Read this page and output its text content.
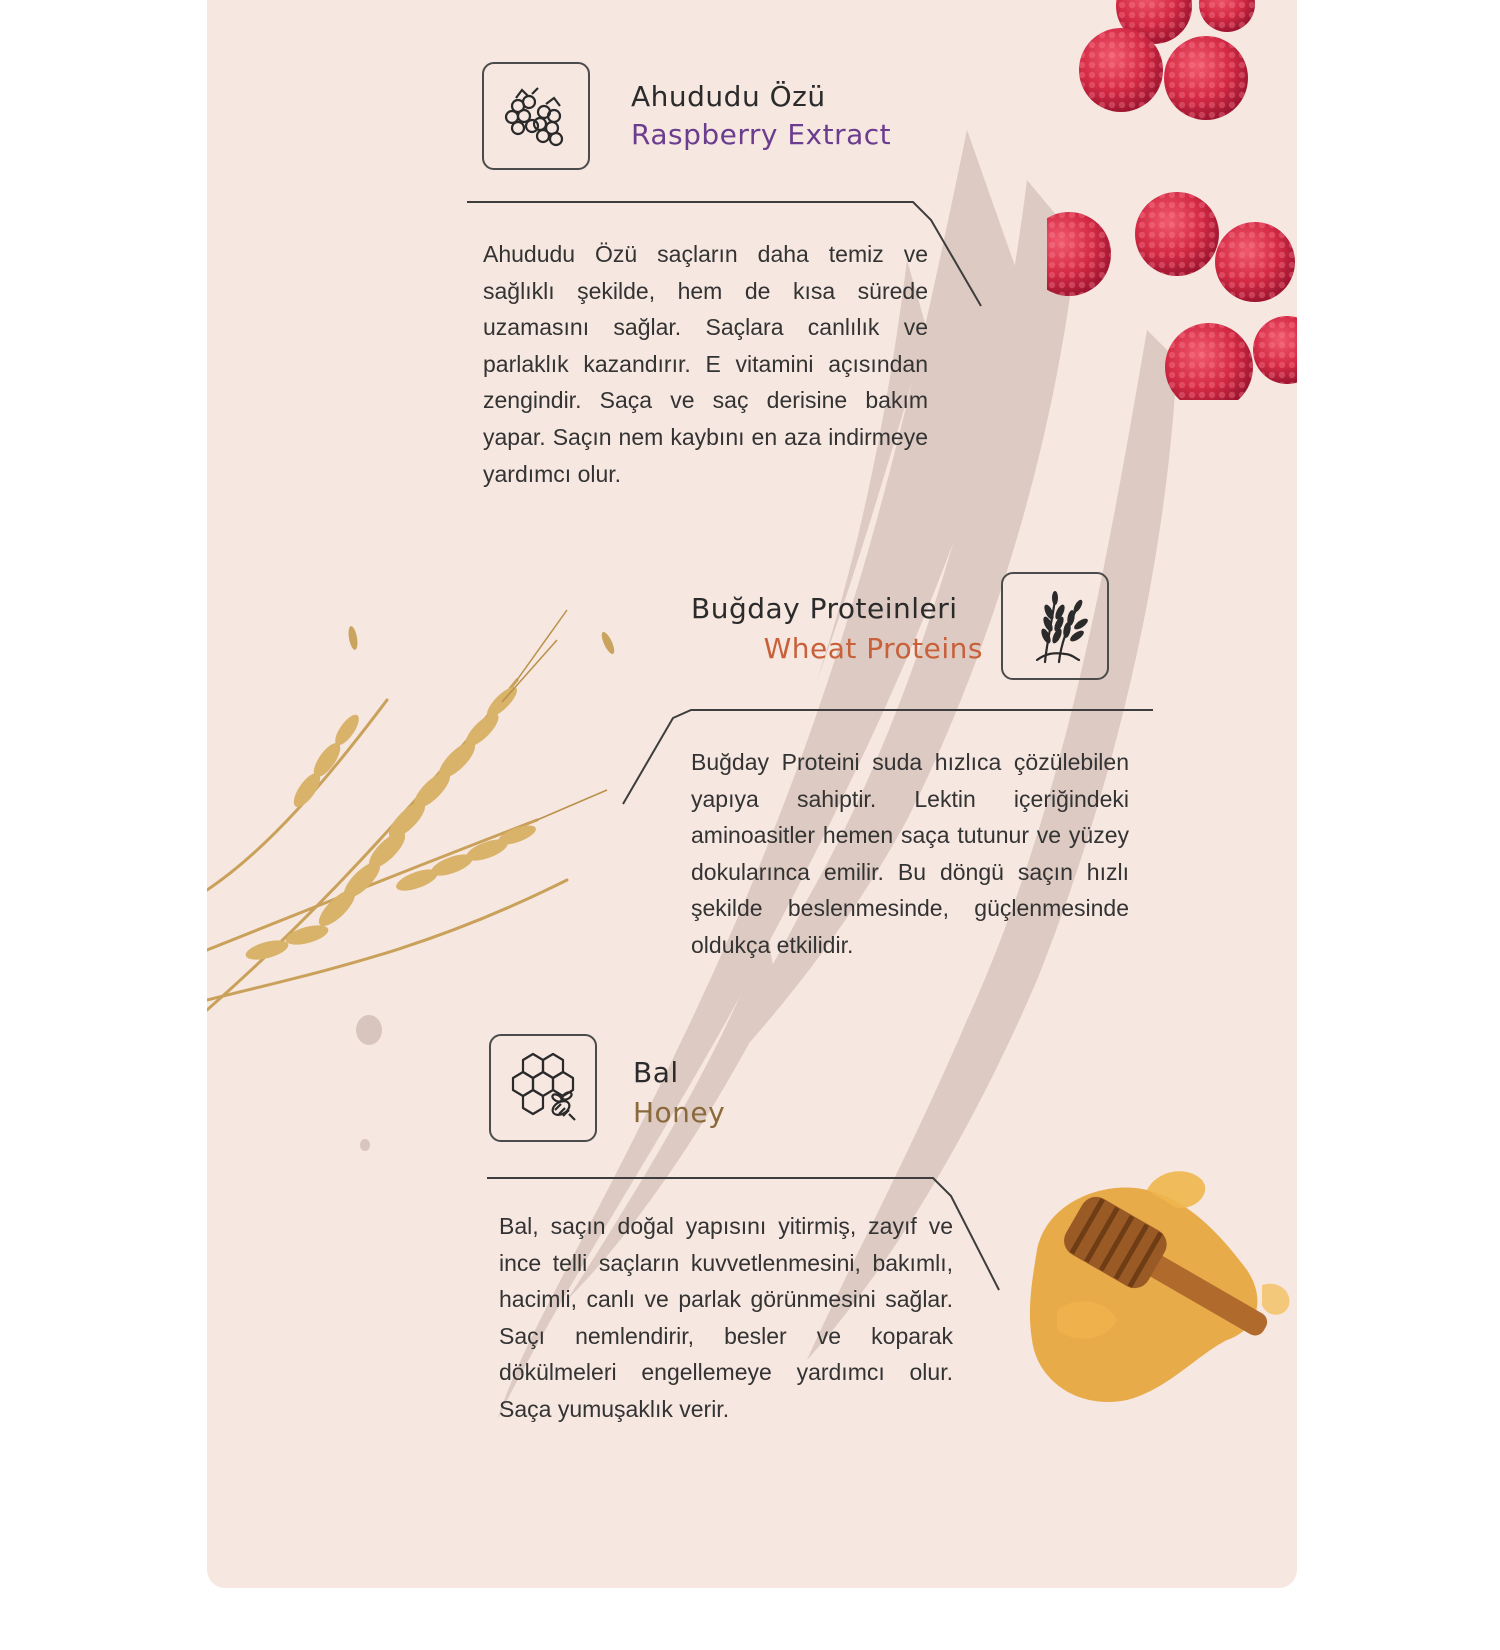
Ahududu Özü
Raspberry Extract

Ahududu Özü saçların daha temiz ve sağlıklı şekilde, hem de kısa sürede uzamasını sağlar. Saçlara canlılık ve parlaklık kazandırır. E vitamini açısından zengindir. Saça ve saç derisine bakım yapar. Saçın nem kaybını en aza indirmeye yardımcı olur.

Buğday Proteinleri
Wheat Proteins

Buğday Proteini suda hızlıca çözülebilen yapıya sahiptir. Lektin içeriğindeki aminoasitler hemen saça tutunur ve yüzey dokularınca emilir. Bu döngü saçın hızlı şekilde beslenmesinde, güçlenmesinde oldukça etkilidir.

Bal
Honey

Bal, saçın doğal yapısını yitirmiş, zayıf ve ince telli saçların kuvvetlenmesini, bakımlı, hacimli, canlı ve parlak görünmesini sağlar. Saçı nemlendirir, besler ve koparak dökülmeleri engellemeye yardımcı olur. Saça yumuşaklık verir.
